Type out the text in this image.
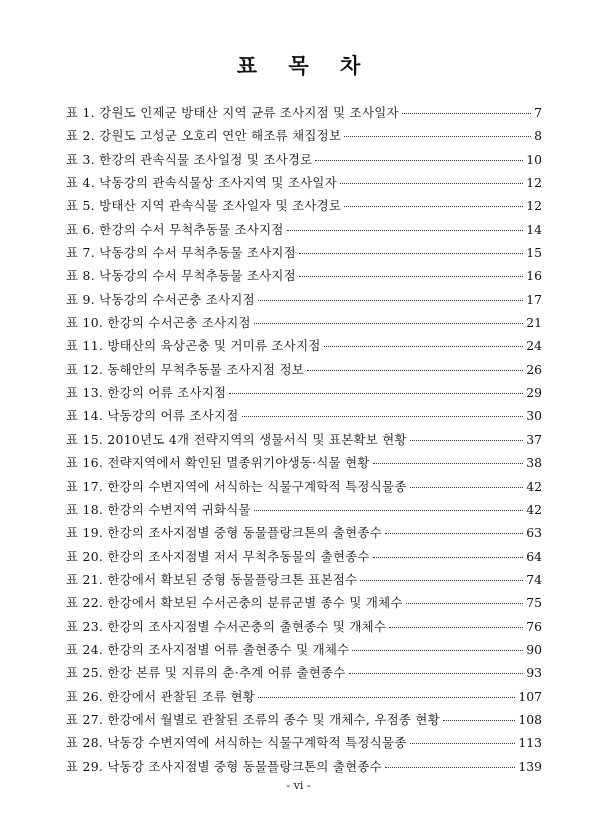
표 목 차
표 1. 강원도 인제군 방태산 지역 균류 조사지점 및 조사일자	7
표 2. 강원도 고성군 오호리 연안 해조류 채집정보	8
표 3. 한강의 관속식물 조사일정 및 조사경로	10
표 4. 낙동강의 관속식물상 조사지역 및 조사일자	12
표 5. 방태산 지역 관속식물 조사일자 및 조사경로	12
표 6. 한강의 수서 무척추동물 조사지점	14
표 7. 낙동강의 수서 무척추동물 조사지점	15
표 8. 낙동강의 수서 무척추동물 조사지점	16
표 9. 낙동강의 수서곤충 조사지점	17
표 10. 한강의 수서곤충 조사지점	21
표 11. 방태산의 육상곤충 및 거미류 조사지점	24
표 12. 동해안의 무척추동물 조사지점 정보	26
표 13. 한강의 어류 조사지점	29
표 14. 낙동강의 어류 조사지점	30
표 15. 2010년도 4개 전략지역의 생물서식 및 표본확보 현황	37
표 16. 전략지역에서 확인된 멸종위기야생동·식물 현황	38
표 17. 한강의 수변지역에 서식하는 식물구계학적 특정식물종	42
표 18. 한강의 수변지역 귀화식물	42
표 19. 한강의 조사지점별 중형 동물플랑크톤의 출현종수	63
표 20. 한강의 조사지점별 저서 무척추동물의 출현종수	64
표 21. 한강에서 확보된 중형 동물플랑크톤 표본점수	74
표 22. 한강에서 확보된 수서곤충의 분류군별 종수 및 개체수	75
표 23. 한강의 조사지점별 수서곤충의 출현종수 및 개체수	76
표 24. 한강의 조사지점별 어류 출현종수 및 개체수	90
표 25. 한강 본류 및 지류의 춘·추계 어류 출현종수	93
표 26. 한강에서 관찰된 조류 현황	107
표 27. 한강에서 월별로 관찰된 조류의 종수 및 개체수, 우점종 현황	108
표 28. 낙동강 수변지역에 서식하는 식물구계학적 특정식물종	113
표 29. 낙동강 조사지점별 중형 동물플랑크톤의 출현종수	139
- vi -
